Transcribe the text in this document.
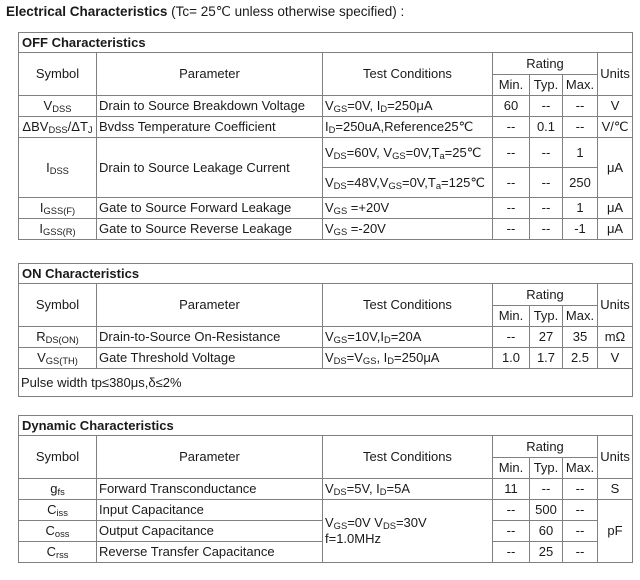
Electrical Characteristics (Tc= 25℃ unless otherwise specified) :
OFF Characteristics						
Symbol	Parameter	Test Conditions	Rating			Units
			Min.	Typ.	Max.	
$V_{DSS}$	Drain to Source Breakdown Voltage	$V_{GS}=0V$, $I_D=250\mu A$	60	--	--	V
$\Delta BV_{DSS}/\Delta T_J$	Bvdss Temperature Coefficient	$I_D=250uA,Reference25℃$	--	0.1	--	V/℃
$I_{DSS}$	Drain to Source Leakage Current	$V_{DS}=60V$, $V_{GS}=0V,T_a=25℃$	--	--	1	μA
		$V_{DS}=48V,V_{GS}=0V,T_a=125℃$	--	--	250	
$I_{GSS(F)}$	Gate to Source Forward Leakage	$V_{GS} =+20V$	--	--	1	μA
$I_{GSS(R)}$	Gate to Source Reverse Leakage	$V_{GS} =-20V$	--	--	-1	μA
ON Characteristics						
Symbol	Parameter	Test Conditions	Rating			Units
			Min.	Typ.	Max.	
$R_{DS(ON)}$	Drain-to-Source On-Resistance	$V_{GS}=10V,I_D=20A$	--	27	35	mΩ
$V_{GS(TH)}$	Gate Threshold Voltage	$V_{DS}=V_{GS}$, $I_D=250\mu A$	1.0	1.7	2.5	V
Pulse width tp≤380μs,δ≤2%						
Dynamic Characteristics						
Symbol	Parameter	Test Conditions	Rating			Units
			Min.	Typ.	Max.	
$g_{fs}$	Forward Transconductance	$V_{DS}=5V$, $I_D=5A$	11	--	--	S
$C_{iss}$	Input Capacitance	$V_{GS}=0V$ $V_{DS}=30V$
f=1.0MHz	--	500	--	pF
$C_{oss}$	Output Capacitance		--	60	--	
$C_{rss}$	Reverse Transfer Capacitance		--	25	--	
